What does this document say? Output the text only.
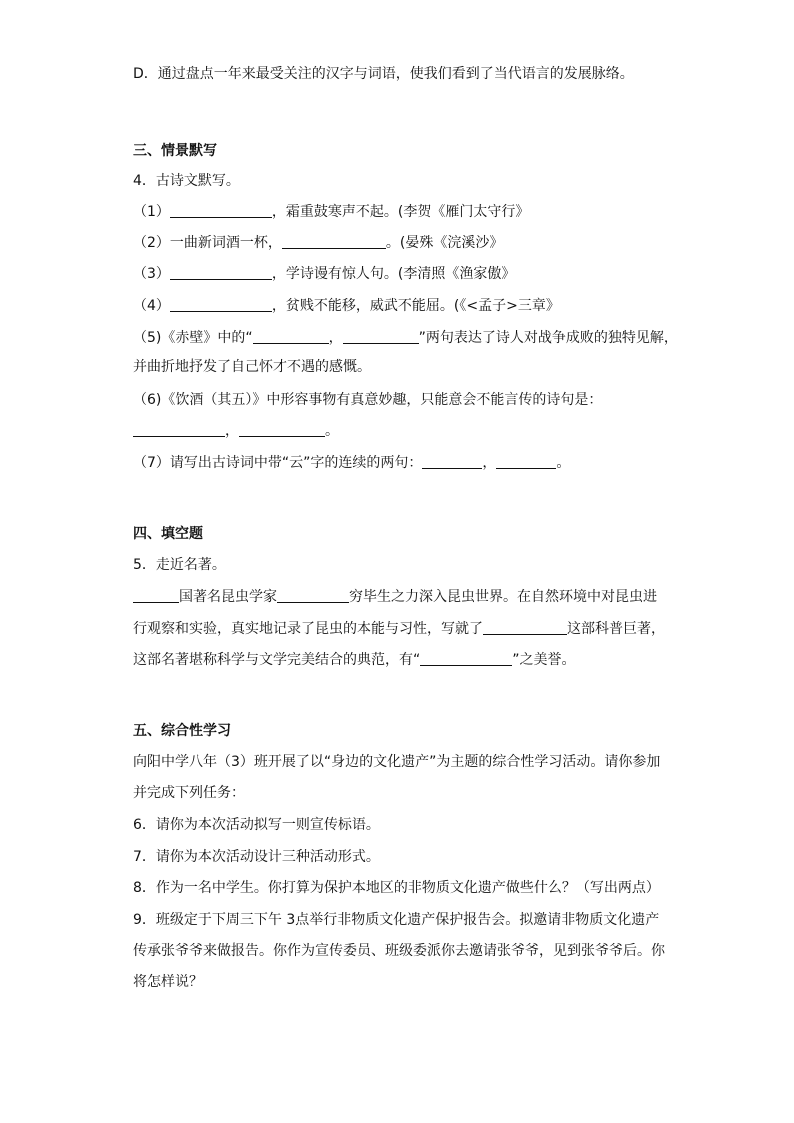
D．通过盘点一年来最受关注的汉字与词语，使我们看到了当代语言的发展脉络。
三、情景默写
4．古诗文默写。
（1）	，霜重鼓寒声不起。(李贺《雁门太守行》
（2）一曲新词酒一杯，	。(晏殊《浣溪沙》
（3）	，学诗谩有惊人句。(李清照《渔家傲》
（4）	，贫贱不能移，威武不能屈。(《<孟子>三章》
（5)《赤壁》中的“	，	”两句表达了诗人对战争成败的独特见解，
并曲折地抒发了自己怀才不遇的感慨。
（6)《饮酒（其五）》中形容事物有真意妙趣，只能意会不能言传的诗句是：
，	。
（7）请写出古诗词中带“云”字的连续的两句：	，	。
四、填空题
5．走近名著。
国著名昆虫学家	穷毕生之力深入昆虫世界。在自然环境中对昆虫进
行观察和实验，真实地记录了昆虫的本能与习性，写就了	这部科普巨著，
这部名著堪称科学与文学完美结合的典范，有“	”之美誉。
五、综合性学习
向阳中学八年（3）班开展了以“身边的文化遗产”为主题的综合性学习活动。请你参加
并完成下列任务：
6．请你为本次活动拟写一则宣传标语。
7．请你为本次活动设计三种活动形式。
8．作为一名中学生。你打算为保护本地区的非物质文化遗产做些什么？（写出两点）
9．班级定于下周三下午 3点举行非物质文化遗产保护报告会。拟邀请非物质文化遗产
传承张爷爷来做报告。你作为宣传委员、班级委派你去邀请张爷爷，见到张爷爷后。你
将怎样说？
